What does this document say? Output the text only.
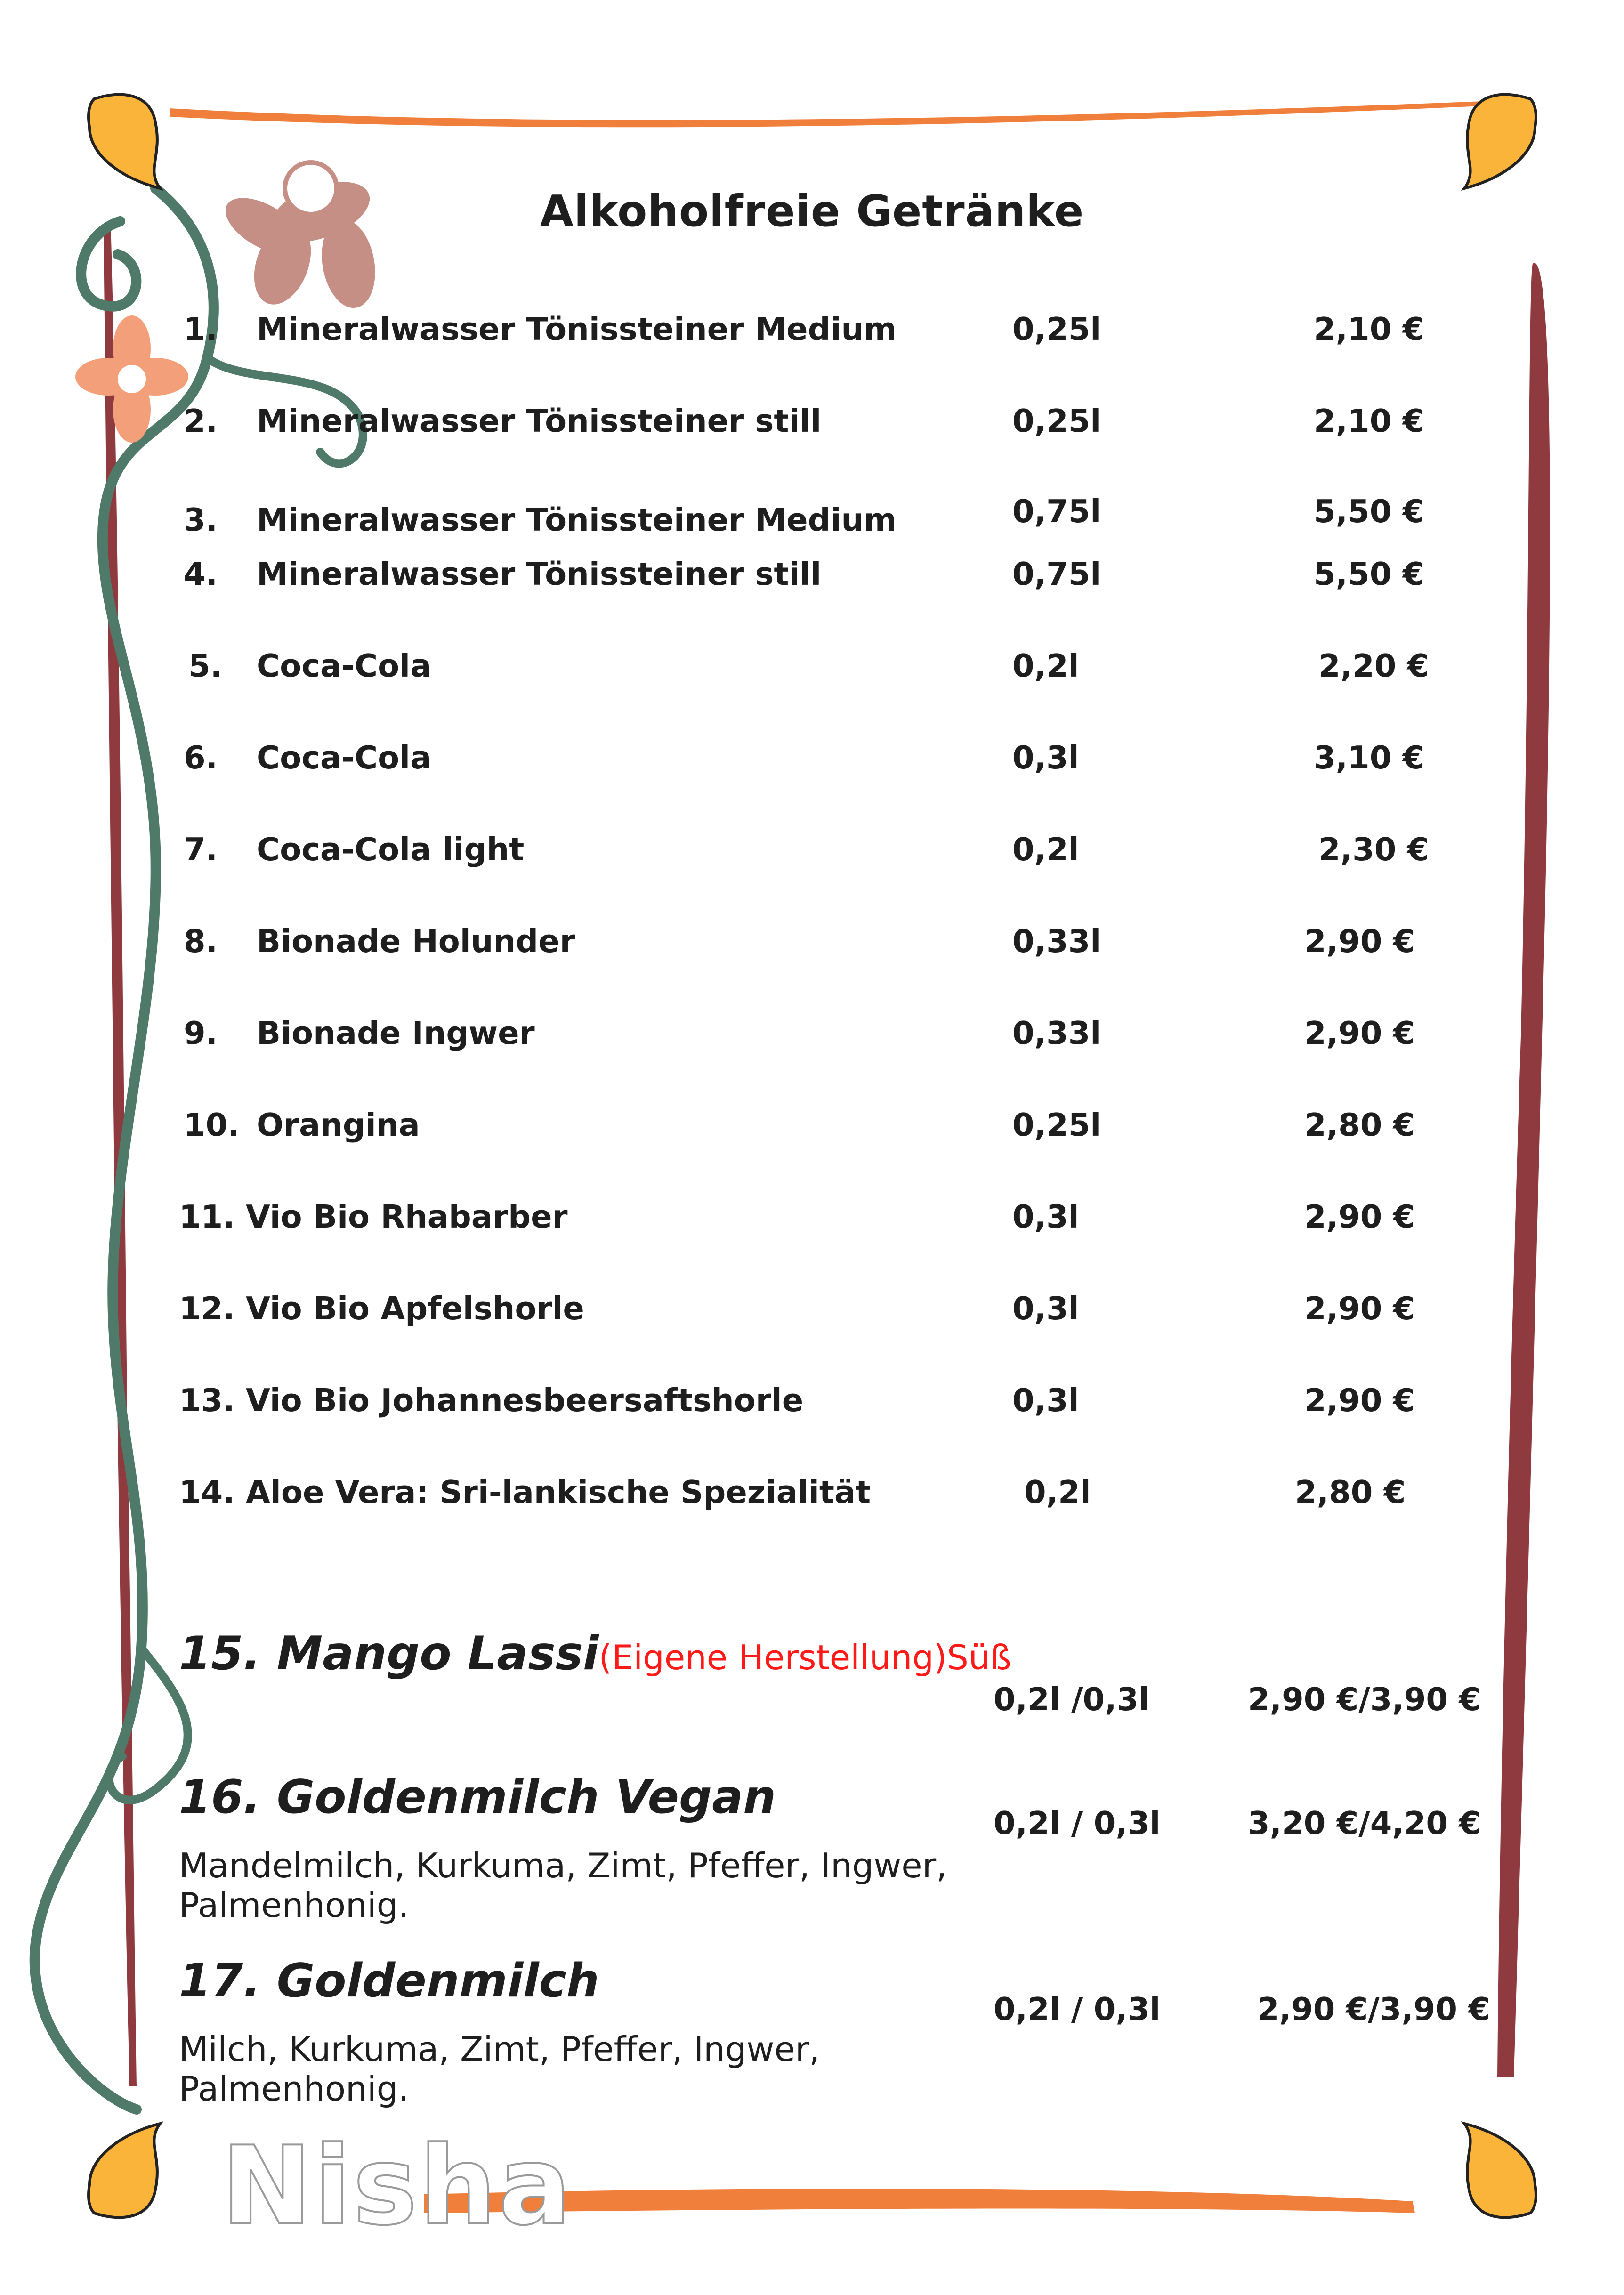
Alkoholfreie Getränke
1. Mineralwasser Tönissteiner Medium	0,25l	2,10 €
2. Mineralwasser Tönissteiner still	0,25l	2,10 €
3. Mineralwasser Tönissteiner Medium	0,75l	5,50 €
4. Mineralwasser Tönissteiner still	0,75l	5,50 €
5. Coca-Cola	0,2l	2,20 €
6. Coca-Cola	0,3l	3,10 €
7. Coca-Cola light	0,2l	2,30 €
8. Bionade Holunder	0,33l	2,90 €
9. Bionade Ingwer	0,33l	2,90 €
10. Orangina	0,25l	2,80 €
11. Vio Bio Rhabarber	0,3l	2,90 €
12. Vio Bio Apfelshorle	0,3l	2,90 €
13. Vio Bio Johannesbeersaftshorle	0,3l	2,90 €
14. Aloe Vera: Sri-lankische Spezialität	0,2l	2,80 €
15. Mango Lassi(Eigene Herstellung)Süß
0,2l /0,3l	2,90 €/3,90 €
16. Goldenmilch Vegan	0,2l / 0,3l	3,20 €/4,20 €
Mandelmilch, Kurkuma, Zimt, Pfeffer, Ingwer, Palmenhonig.
17. Goldenmilch
0,2l / 0,3l	2,90 €/3,90 €
Milch, Kurkuma, Zimt, Pfeffer, Ingwer, Palmenhonig.
Nisha
